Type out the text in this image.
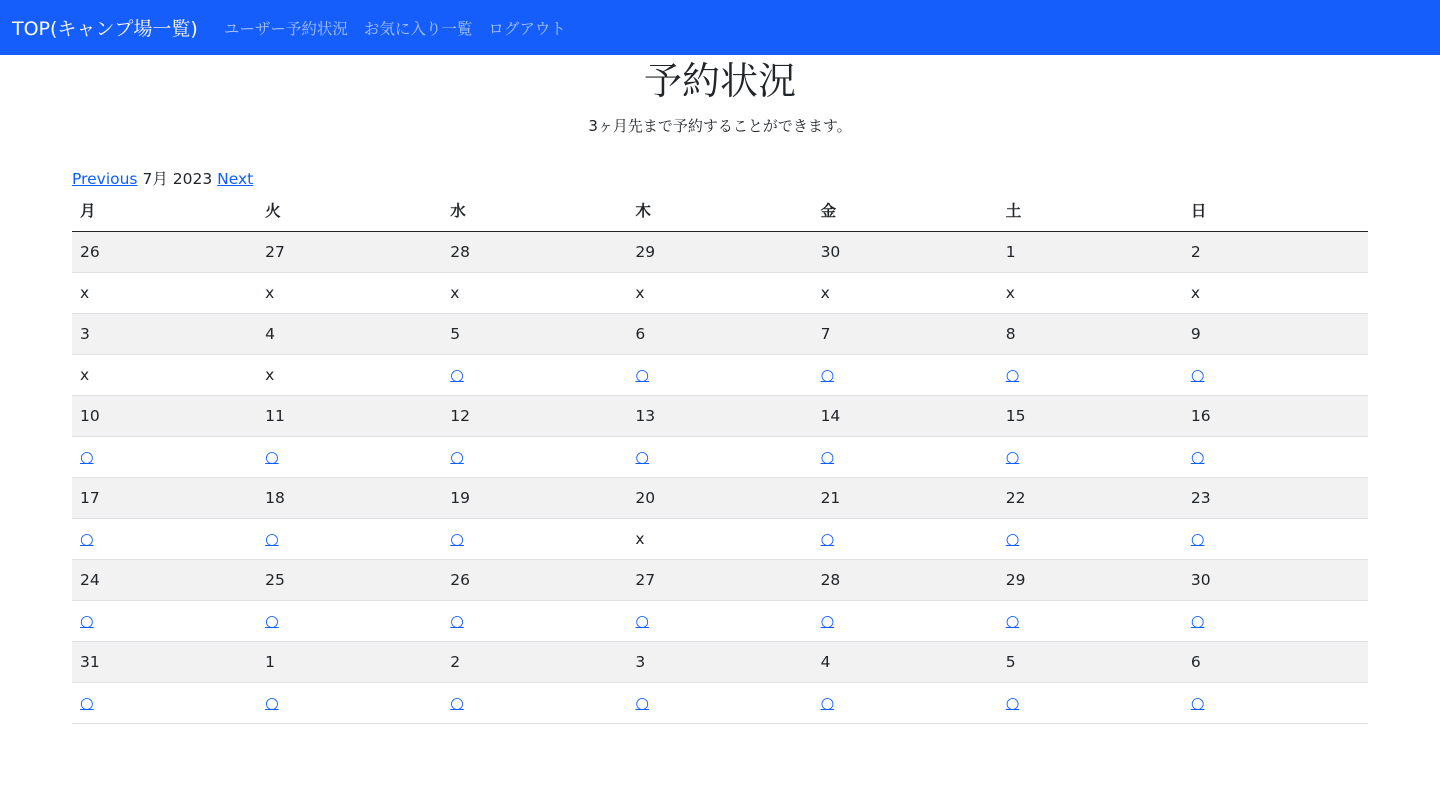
TOP(キャンプ場一覧) ユーザー予約状況 お気に入り一覧 ログアウト
予約状況

3ヶ月先まで予約することができます。

Previous 7月 2023 Next
月	火	水	木	金	土	日
26	27	28	29	30	1	2
x	x	x	x	x	x	x
3	4	5	6	7	8	9
x	x	○	○	○	○	○
10	11	12	13	14	15	16
○	○	○	○	○	○	○
17	18	19	20	21	22	23
○	○	○	x	○	○	○
24	25	26	27	28	29	30
○	○	○	○	○	○	○
31	1	2	3	4	5	6
○	○	○	○	○	○	○
